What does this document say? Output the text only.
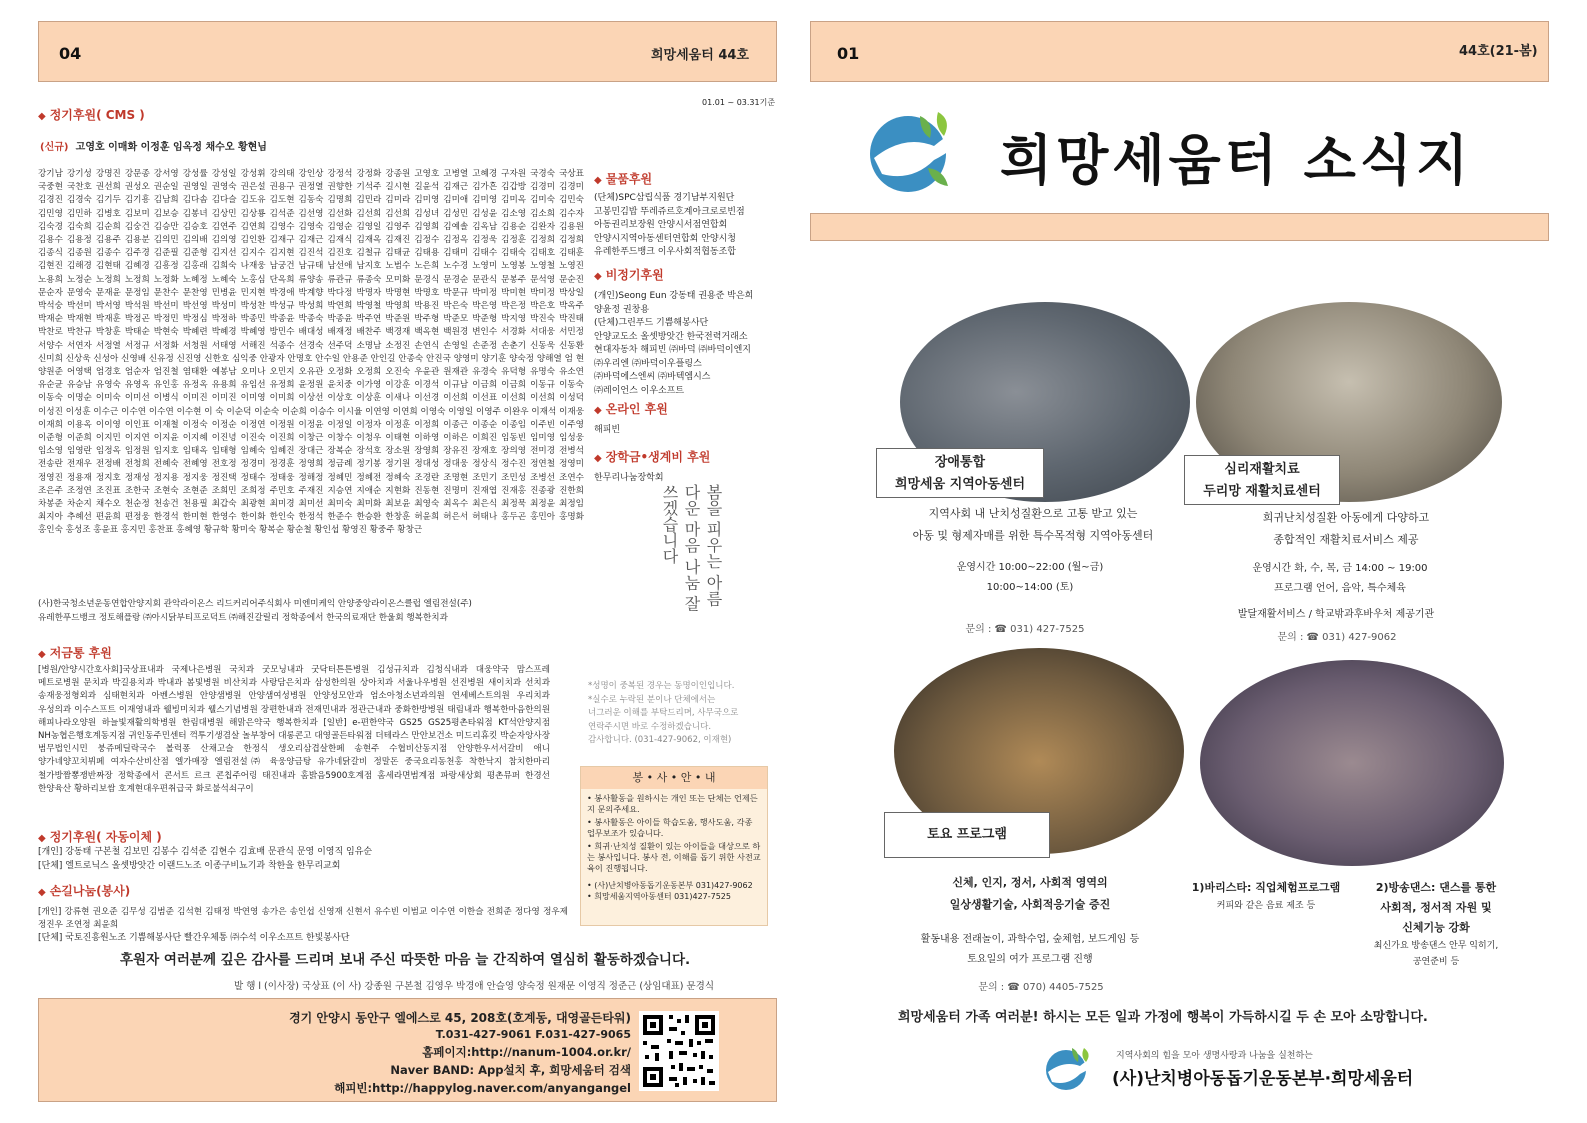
04	희망세움터 44호
01.01 ~ 03.31기준
◆ 정기후원( CMS )
(신규) 고영호 이매화 이정훈 임옥정 채수오 황현님
강기남 강기성 강명진 강문종 강서영 강성률 강성일 강성휘 강의태 강인상 강정석 강정화 강종원 고영호 고병열 고혜경 구자원 국경숙 국상표 국중현 국찬호 권선희 권성오 권순일 권영일 권영숙 권은설 권용구 권정열 권향한 기석주 길시현 길윤석 김재근 김가흔 김갑방 김경미 김경미 김경진 김경숙 김기두 김기흥 김남희 김다솜 김다슬 김도유 김도현 김동숙 김명희 김민라 김미라 김미영 김미애 김미영 김미옥 김미숙 김민숙 김민영 김민하 김병호 김보미 김보승 김봉녀 김상민 김상룡 김석준 김선영 김선화 김선희 김선희 김성녀 김성민 김성윤 김소영 김소희 김수자 김숙경 김숙희 김순희 김숭건 김승만 김승호 김연주 김연희 김영수 김영숙 김영순 김영일 김영주 김영희 김예솔 김옥남 김용순 김완자 김용원 김용수 김용정 김용주 김용분 김의민 김의배 김의영 김인환 김재구 김재근 김재식 김재옥 김재진 김정수 김정옥 김정욱 김정훈 김정희 김정희 김종식 김종원 김종수 김주경 김준필 김준형 김지선 김지수 김지현 김진석 김진호 김철규 김태균 김태용 김태미 김태수 김태숙 김태호 김태훈 김현진 김해경 김현태 김혜경 김흥정 김홍래 김희숙 나재웅 남궁건 남규태 남선애 남지호 노범수 노은희 노수경 노영미 노영봉 노영철 노영진 노용희 노정순 노정희 노정희 노정화 노혜정 노혜숙 노홍심 단옥희 류양송 류관규 류종숙 모미화 문경식 문경순 문관식 문봉주 문석영 문순진 문순자 문영숙 문재윤 문정임 문찬수 문찬영 민병윤 민지현 박경애 박계향 박다정 박명자 박명현 박명호 박문규 박미정 박미현 박미정 박상일 박석숭 박선미 박서영 박석원 박선미 박선영 박성미 박성찬 박성규 박성희 박연희 박영철 박영희 박용진 박은숙 박은영 박은정 박은호 박옥주 박재순 박재현 박재훈 박정곤 박정민 박정심 박정하 박종민 박종윤 박종숙 박종윤 박주연 박준원 박주형 박준모 박준형 박지영 박진숙 박진태 박찬로 박찬규 박창훈 박태순 박현숙 박혜련 박혜경 박혜영 방민수 배대성 배재정 배찬주 백경재 백옥현 백원경 변인수 서경화 서대웅 서민정 서양수 서연자 서정열 서정규 서정화 서청원 서태영 서해진 석종수 선경숙 선주덕 소명남 소정진 손연식 손영일 손준정 손춘기 신동욱 신동환 신미희 신상욱 신성아 신영배 신유정 신진영 신한호 심익중 안광자 안명호 안수일 안용준 안인길 안종숙 안진국 양영미 양기훈 양숙정 양해열 엄 현 양원준 어영택 엄경호 엄순자 엄진철 염태환 예봉남 오미나 오민지 오유관 오정화 오정희 오진숙 우윤관 원재관 유경숙 유덕형 유명숙 유소연 유순균 유승남 유영숙 유영옥 유인홍 유정옥 유용희 유임선 유정희 윤정원 윤치중 이가영 이강훈 이경석 이규남 이금희 이금희 이동규 이동숙 이동숙 이명순 이미숙 이미선 이병식 이미진 이미진 이미영 이미희 이상선 이상호 이상훈 이새나 이선경 이선희 이선표 이선희 이선희 이성덕 이성진 이성훈 이수근 이수연 이수연 이수현 이 숙 이순덕 이순숙 이순희 이승수 이시율 이연영 이연희 이영숙 이영일 이영주 이완우 이재석 이재웅 이재희 이용옥 이이영 이인표 이재철 이정숙 이정순 이정연 이정원 이정윤 이정일 이정자 이정훈 이정희 이종근 이종순 이종임 이주빈 이주영 이준형 이준희 이지민 이지연 이지윤 이지혜 이진녕 이진숙 이진희 이창근 이창수 이청우 이태현 이하영 이하은 이희진 임동빈 임미영 임성웅 임소영 임영란 임정옥 임정원 임지호 임태옥 임태형 임혜숙 임혜진 장대근 장복순 장석호 장소원 장영희 장유진 장재호 장의영 전미경 전병석 전송란 전재우 전정배 전청희 전혜숙 전혜영 전호정 정경미 정경훈 정영희 정금례 정기봉 정기원 정대성 정대웅 정상식 정수진 정연철 정영미 정영진 정용재 정지호 정재성 정지용 정지웅 정진택 정태수 정태웅 정해정 정혜민 정혜전 정혜숙 조경란 조명현 조민기 조민성 조병선 조연수 조은주 조정연 조진표 조한국 조현숙 조현준 조희민 조희정 주민호 주재진 지승연 지애순 지현화 진동현 진명미 진재엽 진재홍 진종광 진한희 차봉준 차순지 채수오 천순정 천송건 천용필 최갑숙 최광현 최미경 최미선 최미숙 최미화 최보윤 최영숙 최옥수 최은식 최정묵 최정윤 최정임 최지아 추혜선 편윤희 편정웅 한경석 한미현 한영수 한이화 한인숙 한정석 한준수 한승환 한창훈 허윤희 허은서 허태나 홍두곤 홍민아 홍명화 홍인숙 홍성조 홍윤표 홍지민 홍찬표 홍혜영 황규학 황미숙 황복순 황순철 황인섭 황영진 황중주 황창근
(사)한국청소년운동연합안양지회 관악라이온스 리드커리어주식회사 미엔미케익 안양중앙라이온스클럽 엘림전설(주)
유레한푸드뱅크 정토해플랑 ㈜아시닭부티프로덕트 ㈜해진갈릴리 정학종에서 한국의료재단 한울회 행복한치과
◆ 물품후원
(단체)SPC삼립식품 경기남부지원단
고봉민김밥 뚜레쥬르호계아크로로빈점
아동권리보장원 안양시서점연합회
안양시지역아동센터연합회 안양시청
유레한푸드뱅크 이우사회적협동조합
◆ 비정기후원
(개인)Seong Eun 강동태 권용준 박은희
양윤정 권창용
(단체)그린푸드 기쁨해봉사단
안양교도소 올셋방앗간 한국전력거래소
현대자동차 해피빈 ㈜바덕 ㈜바덕이엔지
㈜우리엔 ㈜바덕이우플링스
㈜바덕에스엔씨 ㈜바텍엠시스
㈜레이언스 이우소프트
◆ 온라인 후원
해피빈
◆ 장학금•생계비 후원
한무리나눔장학회
봄을 피우는 아름다운 마음 나눔 잘 쓰겠습니다
◆ 저금통 후원
[병원/안양시간호사회]국상표내과 국제나은병원 국치과 굿모닝내과 굿닥터튼튼병원 김성규치과 김청식내과 대웅약국 맘스프레 메트로병원 문치과 박길용치과 박내과 봄빛병원 비산치과 사랑담은치과 삼성한의원 상아치과 서울나우병원 선진병원 새이치과 선치과 송재웅정형외과 심태현치과 아벤스병원 안양샘병원 안양샘여성병원 안양성모안과 엄소아청소년과의원 연세베스트의원 우리치과 우성의과 이수스프트 이재영내과 웰빙미치과 웰스기념병원 장편한내과 전재민내과 정관근내과 중화한방병원 태림내과 행복한마음한의원 해피나라오양원 하늘빛재활의학병원 한림대병원 해맑은약국 행복한치과 [일반] e-편한약국 GS25 GS25평촌타워점 KT석안양지점 NH농협은행호계동지점 귀인동주민센터 꺽투기생겸살 놀부창어 대롱콘고 대영골든타워점 더테라스 만안보건소 미드리휴킷 박순자앙사장 범무법인시민 붕쥬메딜락국수 볼럭퐁 산채고슬 한정식 생오리삼겹살한페 송현주 수협비산동지점 안양한우서서갈비 애니 양가네양꼬치뷔페 여자수산비산점 엘가매장 엘림전설㈜ 육웅양금탕 유가네닭갈비 정말돈 중국요리동천홍 착한낙지 참치한마리 철가방짬뽕쟁반짜장 정학종에서 콘서트 르크 콘칩주어링 태진내과 홈밝음5900호계점 홈세라면범계점 파랑새상회 평촌뮤퍼 한경선 한양육산 황하리보쌈 호계현대우편취급국 화로불석쇠구이
*성명이 중복된 경우는 동명이인입니다.
*실수로 누락된 분이나 단체에서는
너그러운 이해를 부탁드리며, 사무국으로
연락주시면 바로 수정하겠습니다.
감사합니다. (031-427-9062, 이재현)
봉 • 사 • 안 • 내
• 봉사활동을 원하시는 개인 또는 단체는 언제든지 문의주세요.
• 봉사활동은 아이들 학습도움, 행사도움, 각종 업무보조가 있습니다.
• 희귀·난치성 질환이 있는 아이들을 대상으로 하는 봉사입니다. 봉사 전, 이해를 돕기 위한 사전교육이 진행됩니다.
• (사)난치병아동돕기운동본부 031)427-9062
• 희망세움지역아동센터 031)427-7525
◆ 정기후원( 자동이체 )
[개인] 강동태 구본철 김보민 김봉수 김석준 김현수 김효배 문관식 문영 이영직 임유순
[단체] 엘트로닉스 올셋방앗간 이랜드노조 이종구비뇨기과 착한을 한무리교회
◆ 손길나눔(봉사)
[개인] 강류현 권오준 김무성 김범준 김석현 김태정 박연영 송가은 송인섭 신영재 신현서 유수빈 이범교 이수연 이한슬 전희준 정다영 정우제 정진우 조연정 최윤희
[단체] 국토진흥원노조 기쁨해봉사단 빨간우체통 ㈜수석 이우소프트 한빛봉사단
후원자 여러분께 깊은 감사를 드리며 보내 주신 따뜻한 마음 늘 간직하여 열심히 활동하겠습니다.
발 행 l (이사장) 국상표 (이 사) 강종원 구본철 김영우 박경애 안슬영 양숙정 원재문 이영직 정준근 (상임대표) 문경식
경기 안양시 동안구 엘에스로 45, 208호(호계동, 대영골든타워)
T.031-427-9061 F.031-427-9065
홈페이지:http://nanum-1004.or.kr/
Naver BAND: App설치 후, 희망세움터 검색
해피빈:http://happylog.naver.com/anyangangel
01	44호(21-봄)
희망세움터 소식지
장애통합
희망세움 지역아동센터
지역사회 내 난치성질환으로 고통 받고 있는
아동 및 형제자매를 위한 특수목적형 지역아동센터
운영시간 10:00~22:00 (월~금)
10:00~14:00 (토)
문의 : ☎ 031) 427-7525
심리재활치료
두리망 재활치료센터
희귀난치성질환 아동에게 다양하고
종합적인 재활치료서비스 제공
운영시간 화, 수, 목, 금 14:00 ~ 19:00
프로그램 언어, 음악, 특수체육
발달재활서비스 / 학교밖과후바우처 제공기관
문의 : ☎ 031) 427-9062
토요 프로그램
신체, 인지, 정서, 사회적 영역의
일상생활기술, 사회적응기술 증진
활동내용 전래놀이, 과학수업, 숲체험, 보드게임 등
토요일의 여가 프로그램 진행
문의 : ☎ 070) 4405-7525
1)바리스타: 직업체험프로그램
커피와 같은 음료 제조 등
2)방송댄스: 댄스를 통한
사회적, 정서적 자원 및
신체기능 강화
최신가요 방송댄스 안무 익히기,
공연준비 등
희망세움터 가족 여러분! 하시는 모든 일과 가정에 행복이 가득하시길 두 손 모아 소망합니다.
지역사회의 힘을 모아 생명사랑과 나눔을 실천하는
(사)난치병아동돕기운동본부·희망세움터
